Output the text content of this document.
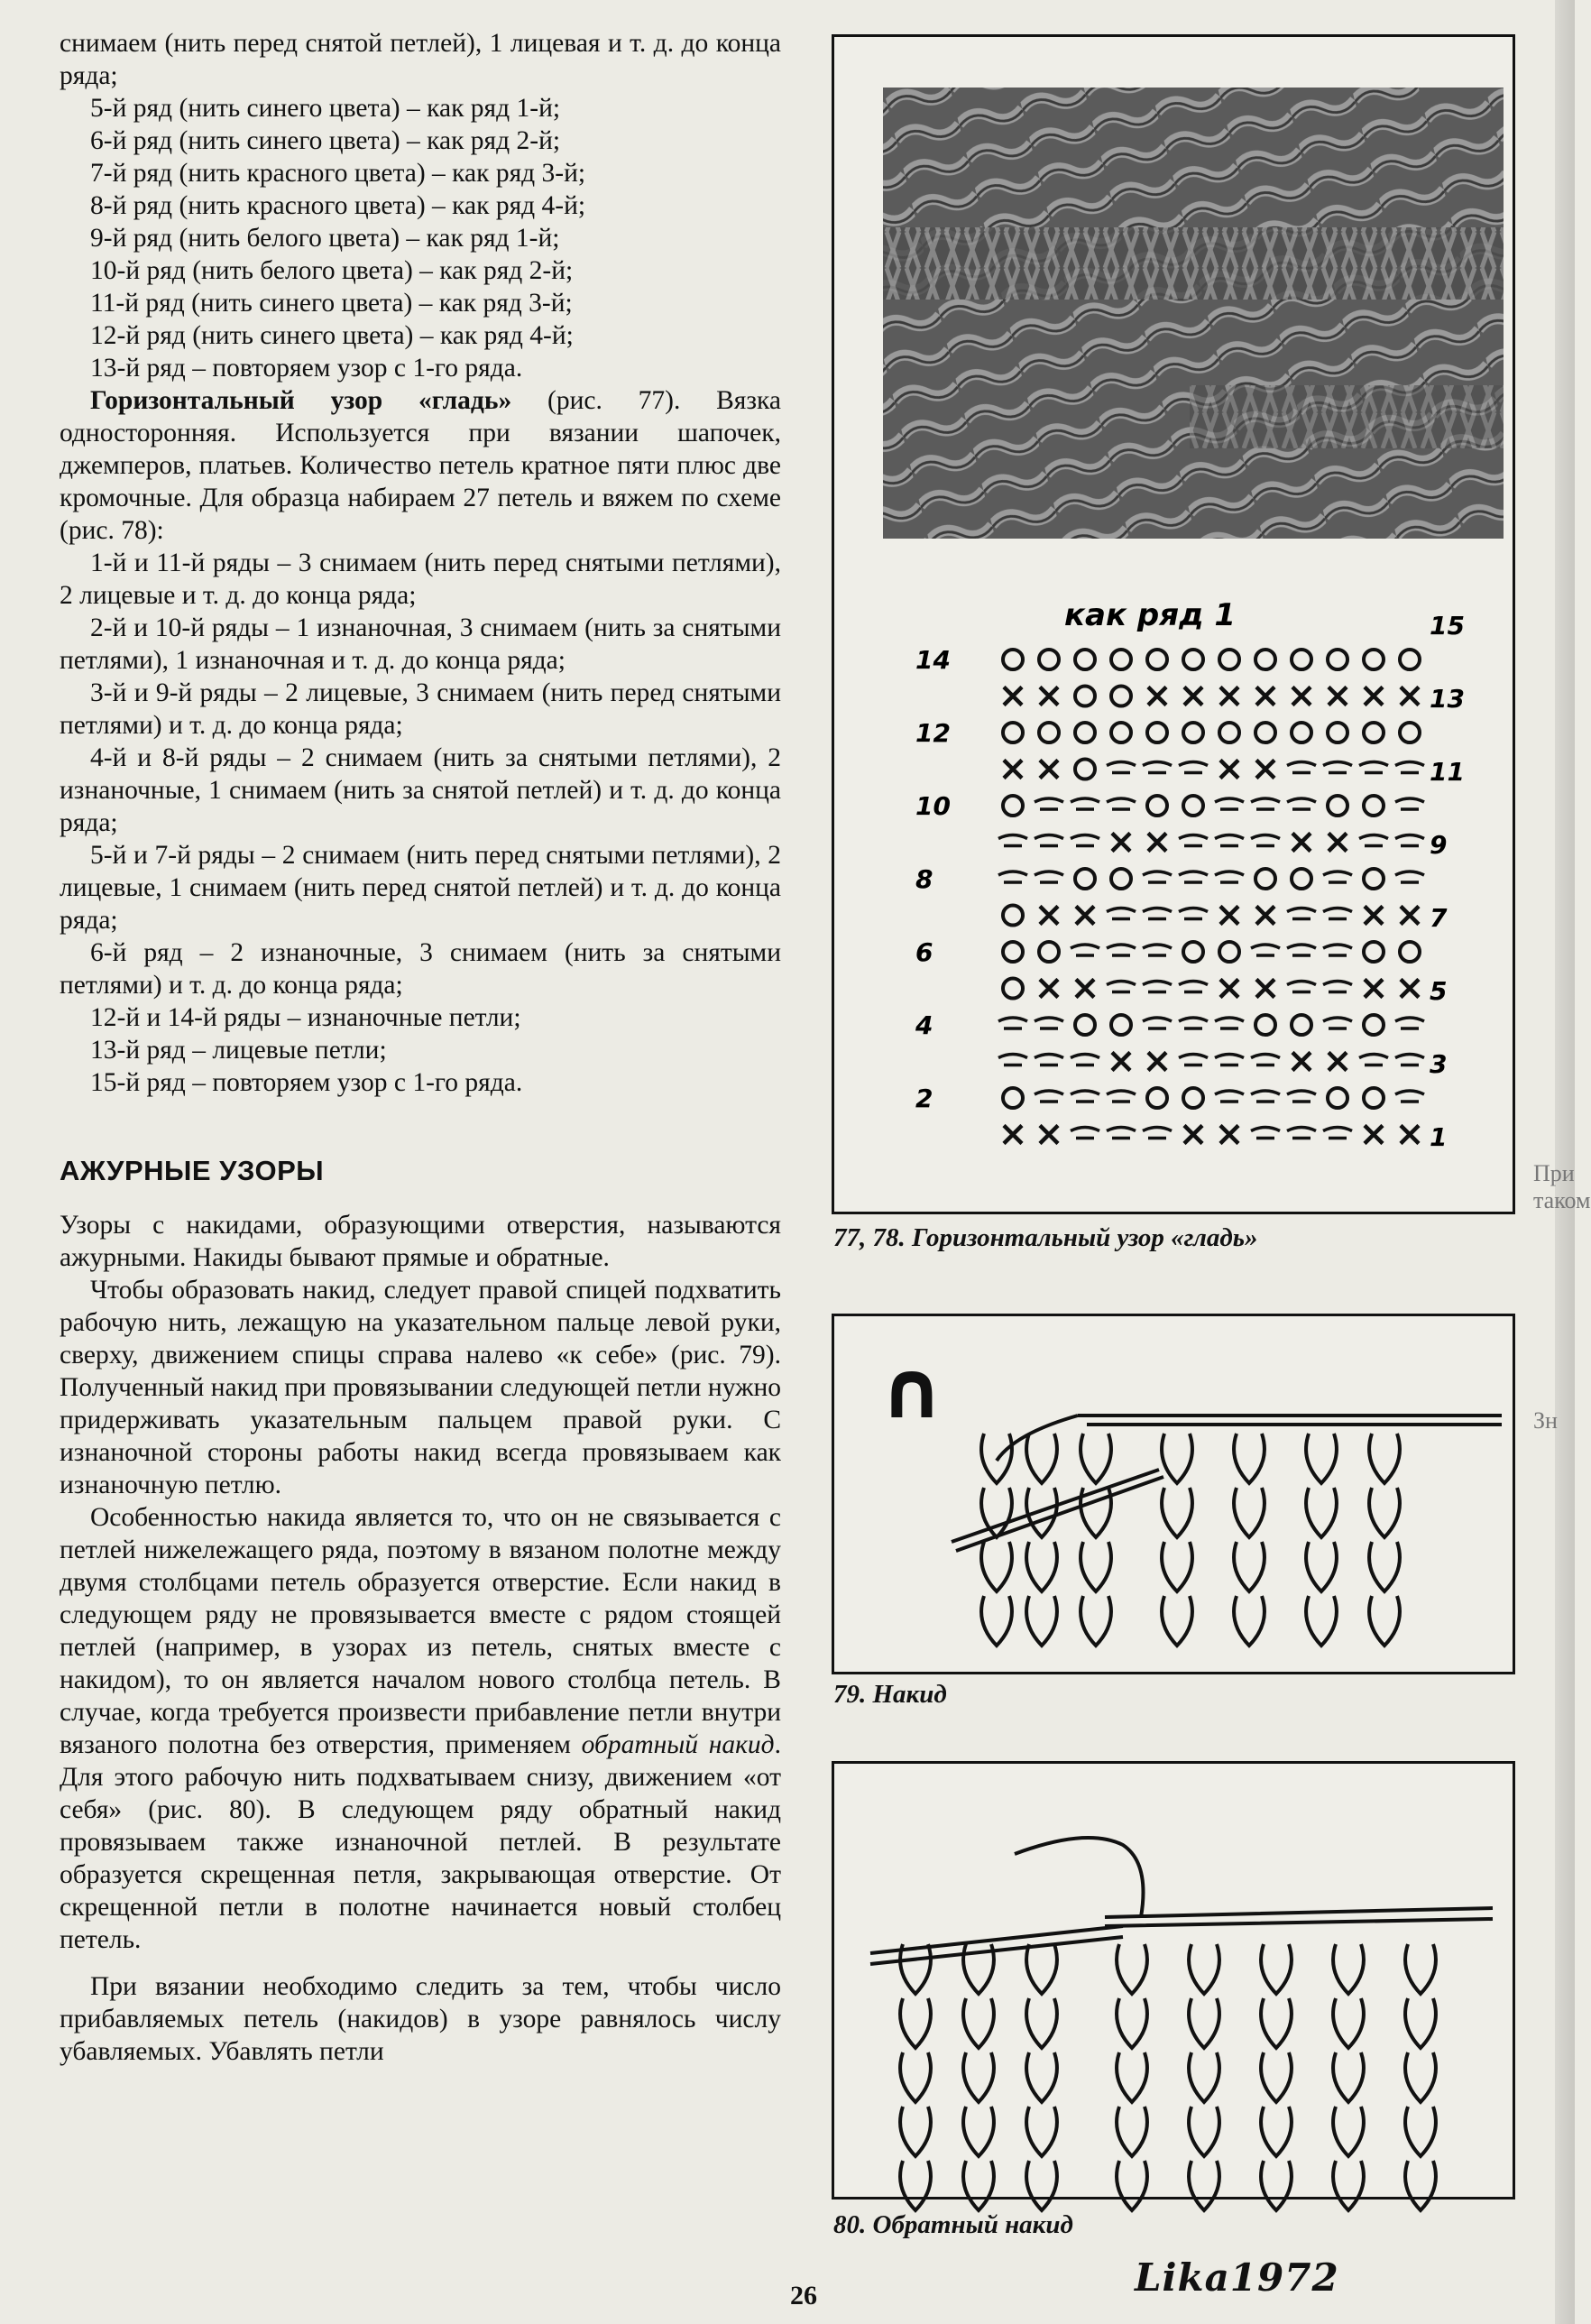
снимаем (нить перед снятой петлей), 1 лицевая и т. д. до конца ряда;

5-й ряд (нить синего цвета) – как ряд 1-й;

6-й ряд (нить синего цвета) – как ряд 2-й;

7-й ряд (нить красного цвета) – как ряд 3-й;

8-й ряд (нить красного цвета) – как ряд 4-й;

9-й ряд (нить белого цвета) – как ряд 1-й;

10-й ряд (нить белого цвета) – как ряд 2-й;

11-й ряд (нить синего цвета) – как ряд 3-й;

12-й ряд (нить синего цвета) – как ряд 4-й;

13-й ряд – повторяем узор с 1-го ряда.

Горизонтальный узор «гладь» (рис. 77). Вязка односторонняя. Используется при вязании шапочек, джемперов, платьев. Количество петель кратное пяти плюс две кромочные. Для образца набираем 27 петель и вяжем по схеме (рис. 78):

1-й и 11-й ряды – 3 снимаем (нить перед снятыми петлями), 2 лицевые и т. д. до конца ряда;

2-й и 10-й ряды – 1 изнаночная, 3 снимаем (нить за снятыми петлями), 1 изнаночная и т. д. до конца ряда;

3-й и 9-й ряды – 2 лицевые, 3 снимаем (нить перед снятыми петлями) и т. д. до конца ряда;

4-й и 8-й ряды – 2 снимаем (нить за снятыми петлями), 2 изнаночные, 1 снимаем (нить за снятой петлей) и т. д. до конца ряда;

5-й и 7-й ряды – 2 снимаем (нить перед снятыми петлями), 2 лицевые, 1 снимаем (нить перед снятой петлей) и т. д. до конца ряда;

6-й ряд – 2 изнаночные, 3 снимаем (нить за снятыми петлями) и т. д. до конца ряда;

12-й и 14-й ряды – изнаночные петли;

13-й ряд – лицевые петли;

15-й ряд – повторяем узор с 1-го ряда.

АЖУРНЫЕ УЗОРЫ

Узоры с накидами, образующими отверстия, называются ажурными. Накиды бывают прямые и обратные.

Чтобы образовать накид, следует правой спицей подхватить рабочую нить, лежащую на указательном пальце левой руки, сверху, движением спицы справа налево «к себе» (рис. 79). Полученный накид при провязывании следующей петли нужно придерживать указательным пальцем правой руки. С изнаночной стороны работы накид всегда провязываем как изнаночную петлю.

Особенностью накида является то, что он не связывается с петлей нижележащего ряда, поэтому в вязаном полотне между двумя столбцами петель образуется отверстие. Если накид в следующем ряду не провязывается вместе с рядом стоящей петлей (например, в узорах из петель, снятых вместе с накидом), то он является началом нового столбца петель. В случае, когда требуется произвести прибавление петли внутри вязаного полотна без отверстия, применяем обратный накид. Для этого рабочую нить подхватываем снизу, движением «от себя» (рис. 80). В следующем ряду обратный накид провязываем также изнаночной петлей. В результате образуется скрещенная петля, закрывающая отверстие. От скрещенной петли в полотне начинается новый столбец петель.

При вязании необходимо следить за тем, чтобы число прибавляемых петель (накидов) в узоре равнялось числу убавляемых. Убавлять петли

как ряд 1
14
12
10
8
6
4
2
15
13
11
9
7
5
3
1
77, 78. Горизонтальный узор «гладь»
∩
79. Накид
80. Обратный накид
26	Lika1972
При таком
Зн
